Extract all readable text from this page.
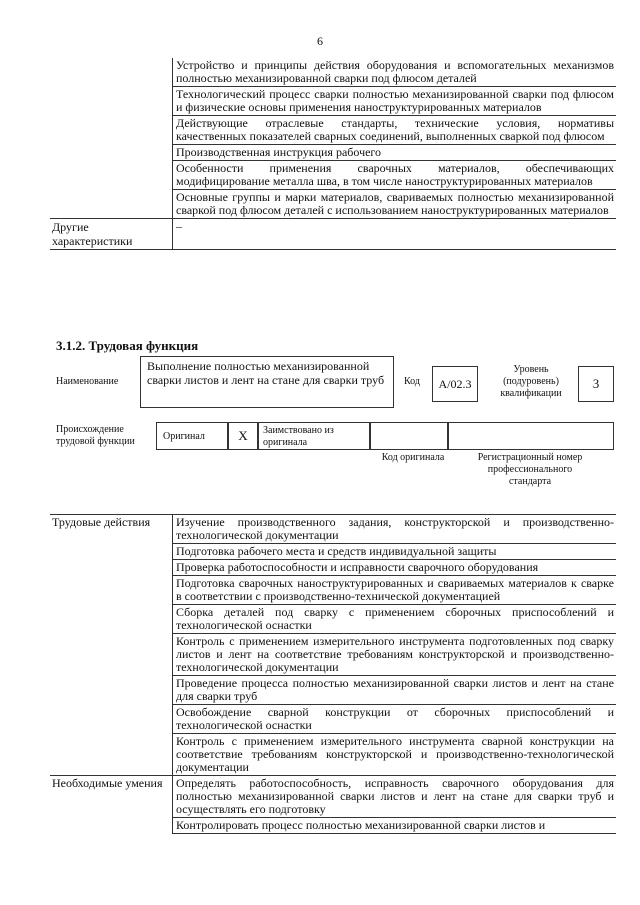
6
	Устройство и принципы действия оборудования и вспомогательных механизмов полностью механизированной сварки под флюсом деталей
	Технологический процесс сварки полностью механизированной сварки под флюсом и физические основы применения наноструктурированных материалов
	Действующие отраслевые стандарты, технические условия, нормативы качественных показателей сварных соединений, выполненных сваркой под флюсом
	Производственная инструкция рабочего
	Особенности применения сварочных материалов, обеспечивающих модифицирование металла шва, в том числе наноструктурированных материалов
	Основные группы и марки материалов, свариваемых полностью механизированной сваркой под флюсом деталей с использованием наноструктурированных материалов
Другие характеристики	–
3.1.2. Трудовая функция
Наименование
Выполнение полностью механизированной сварки листов и лент на стане для сварки труб	Код	A/02.3
Уровень (подуровень) квалификации
3
Происхождение трудовой функции	Оригинал	X	Заимствовано из оригинала
Код оригинала	Регистрационный номер профессионального стандарта
Трудовые действия	Изучение производственного задания, конструкторской и производственно-технологической документации
	Подготовка рабочего места и средств индивидуальной защиты
	Проверка работоспособности и исправности сварочного оборудования
	Подготовка сварочных наноструктурированных и свариваемых материалов к сварке в соответствии с производственно-технической документацией
	Сборка деталей под сварку с применением сборочных приспособлений и технологической оснастки
	Контроль с применением измерительного инструмента подготовленных под сварку листов и лент на соответствие требованиям конструкторской и производственно-технологической документации
	Проведение процесса полностью механизированной сварки листов и лент на стане для сварки труб
	Освобождение сварной конструкции от сборочных приспособлений и технологической оснастки
	Контроль с применением измерительного инструмента сварной конструкции на соответствие требованиям конструкторской и производственно-технологической документации
Необходимые умения	Определять работоспособность, исправность сварочного оборудования для полностью механизированной сварки листов и лент на стане для сварки труб и осуществлять его подготовку
	Контролировать процесс полностью механизированной сварки листов и
